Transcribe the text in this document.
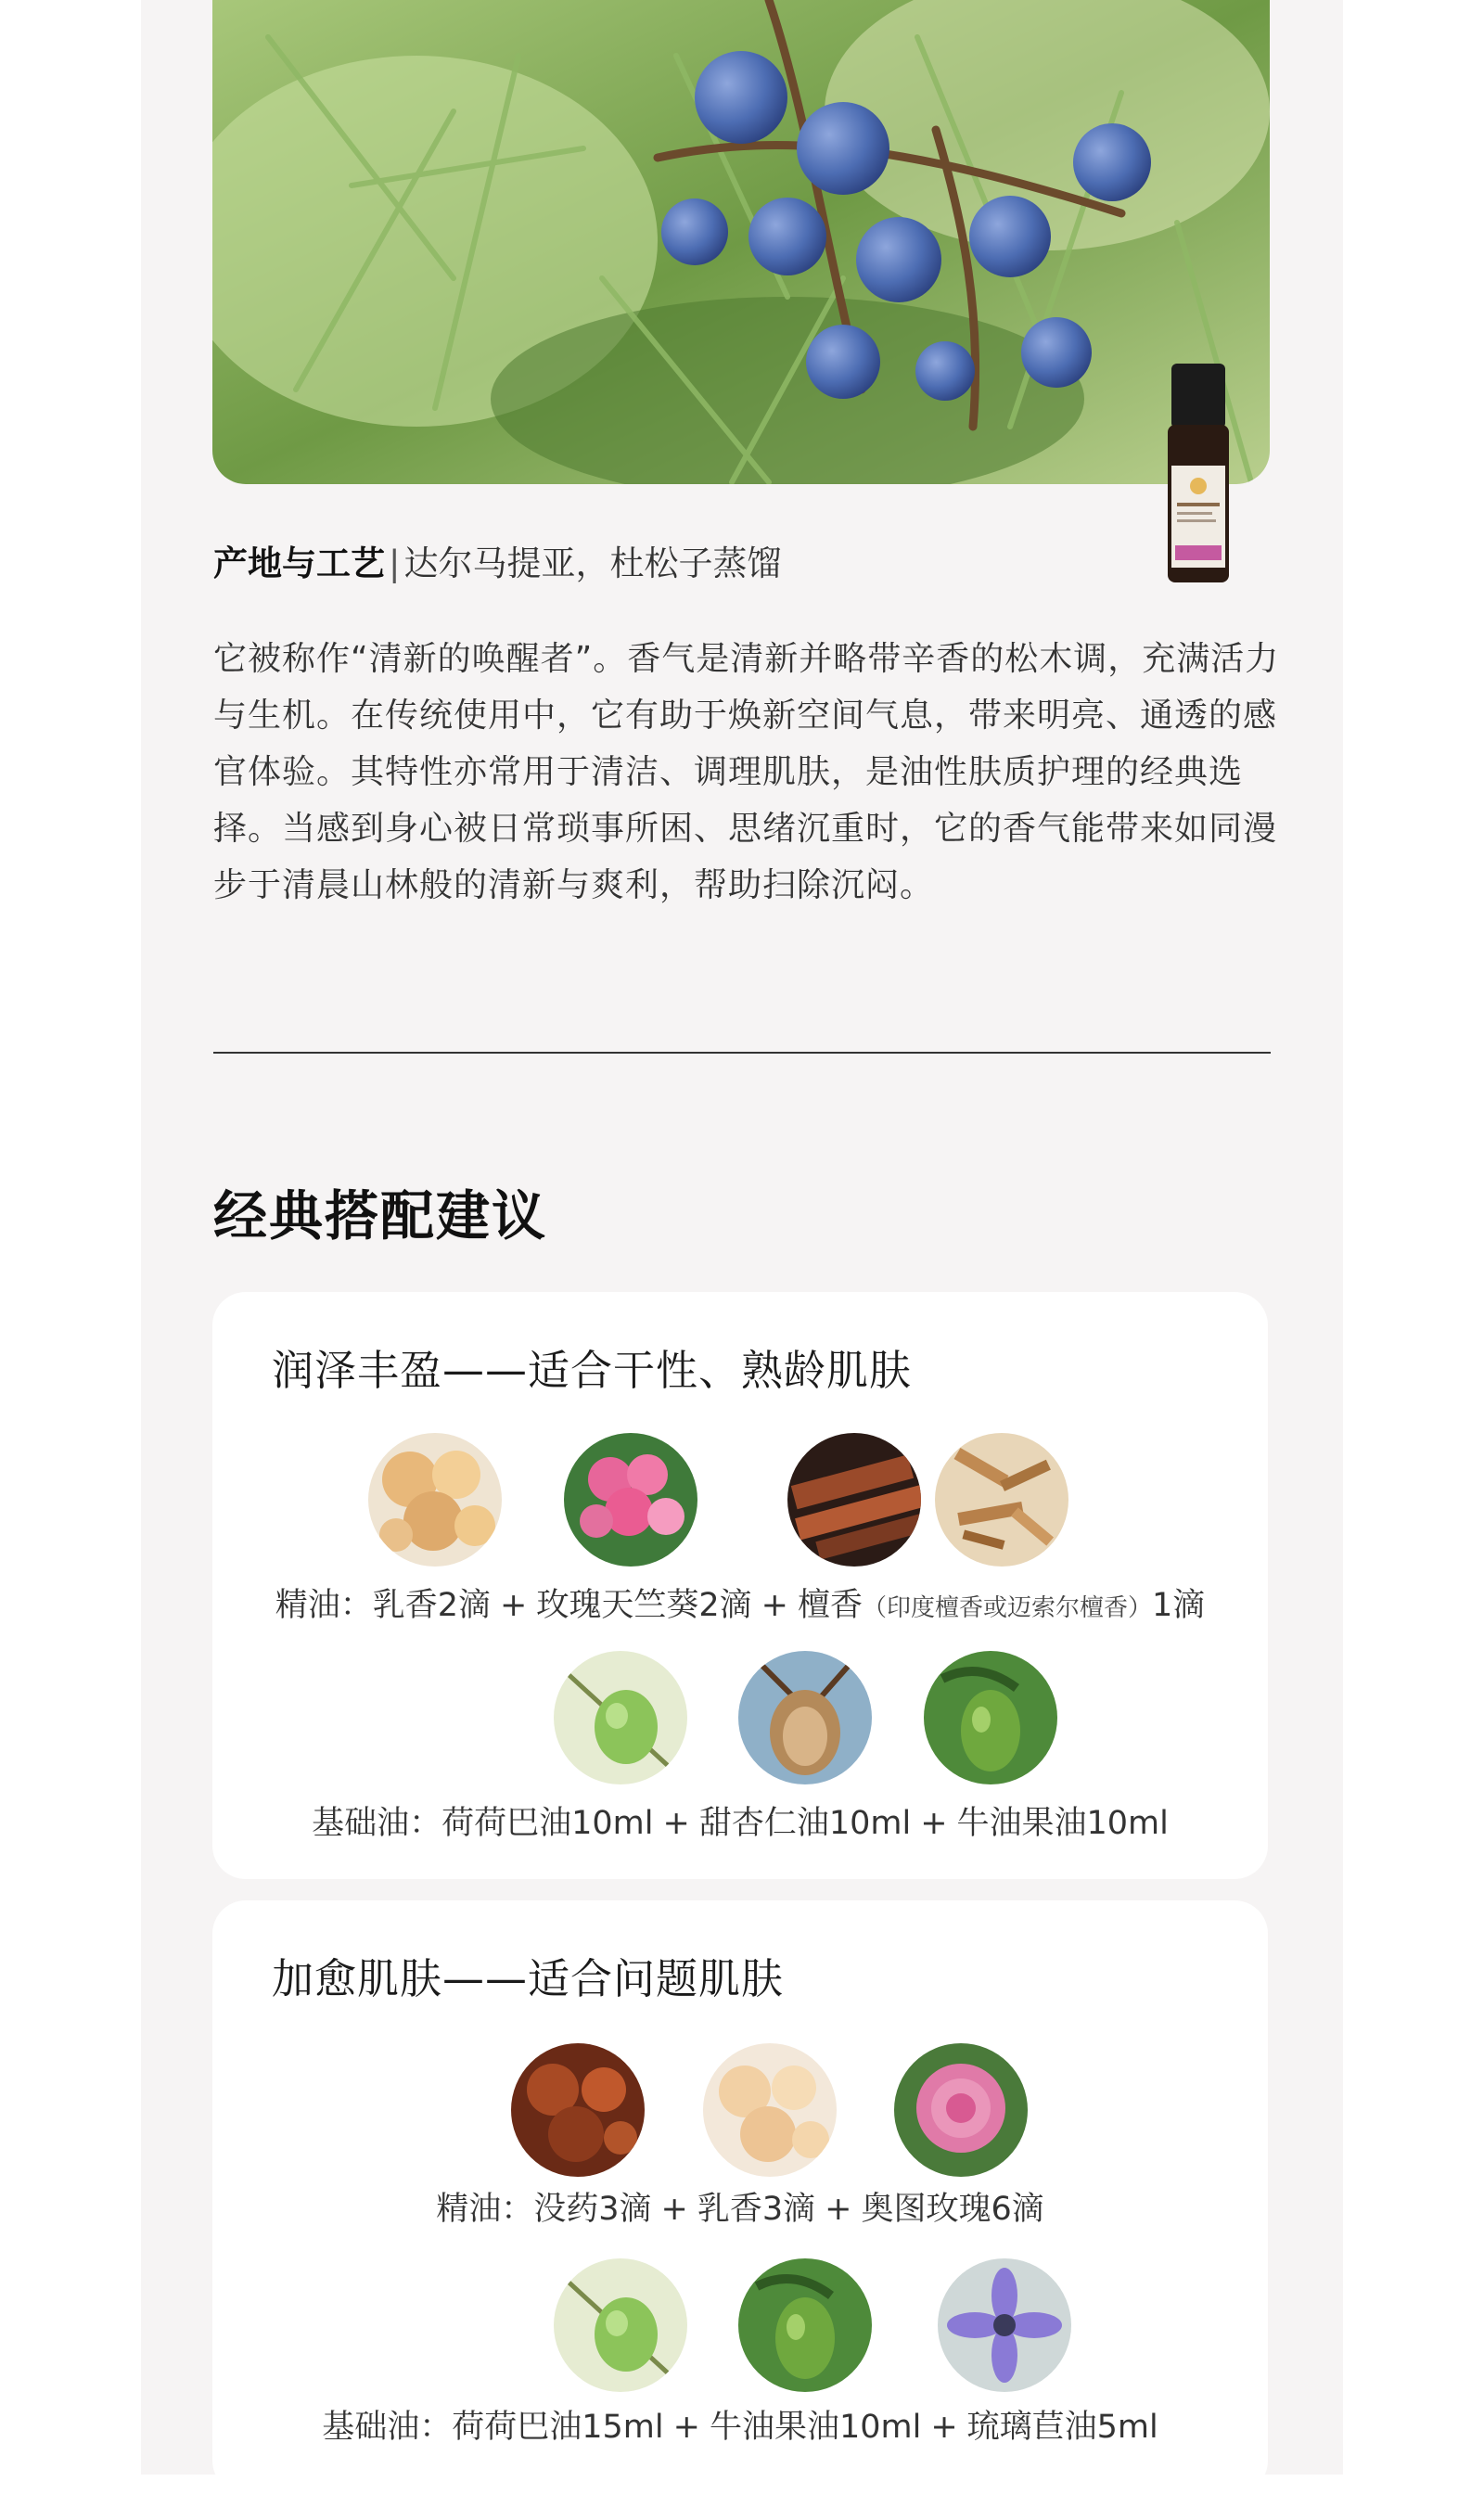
产地与工艺 | 达尔马提亚，杜松子蒸馏
它被称作“清新的唤醒者”。香气是清新并略带辛香的松木调，充满活力与生机。在传统使用中，它有助于焕新空间气息，带来明亮、通透的感官体验。其特性亦常用于清洁、调理肌肤，是油性肤质护理的经典选择。当感到身心被日常琐事所困、思绪沉重时，它的香气能带来如同漫步于清晨山林般的清新与爽利，帮助扫除沉闷。
经典搭配建议
润泽丰盈——适合干性、熟龄肌肤
精油：乳香2滴 + 玫瑰天竺葵2滴 + 檀香（印度檀香或迈索尔檀香）1滴
基础油：荷荷巴油10ml + 甜杏仁油10ml + 牛油果油10ml
加愈肌肤——适合问题肌肤
精油：没药3滴 + 乳香3滴 + 奥图玫瑰6滴
基础油：荷荷巴油15ml + 牛油果油10ml + 琉璃苣油5ml
